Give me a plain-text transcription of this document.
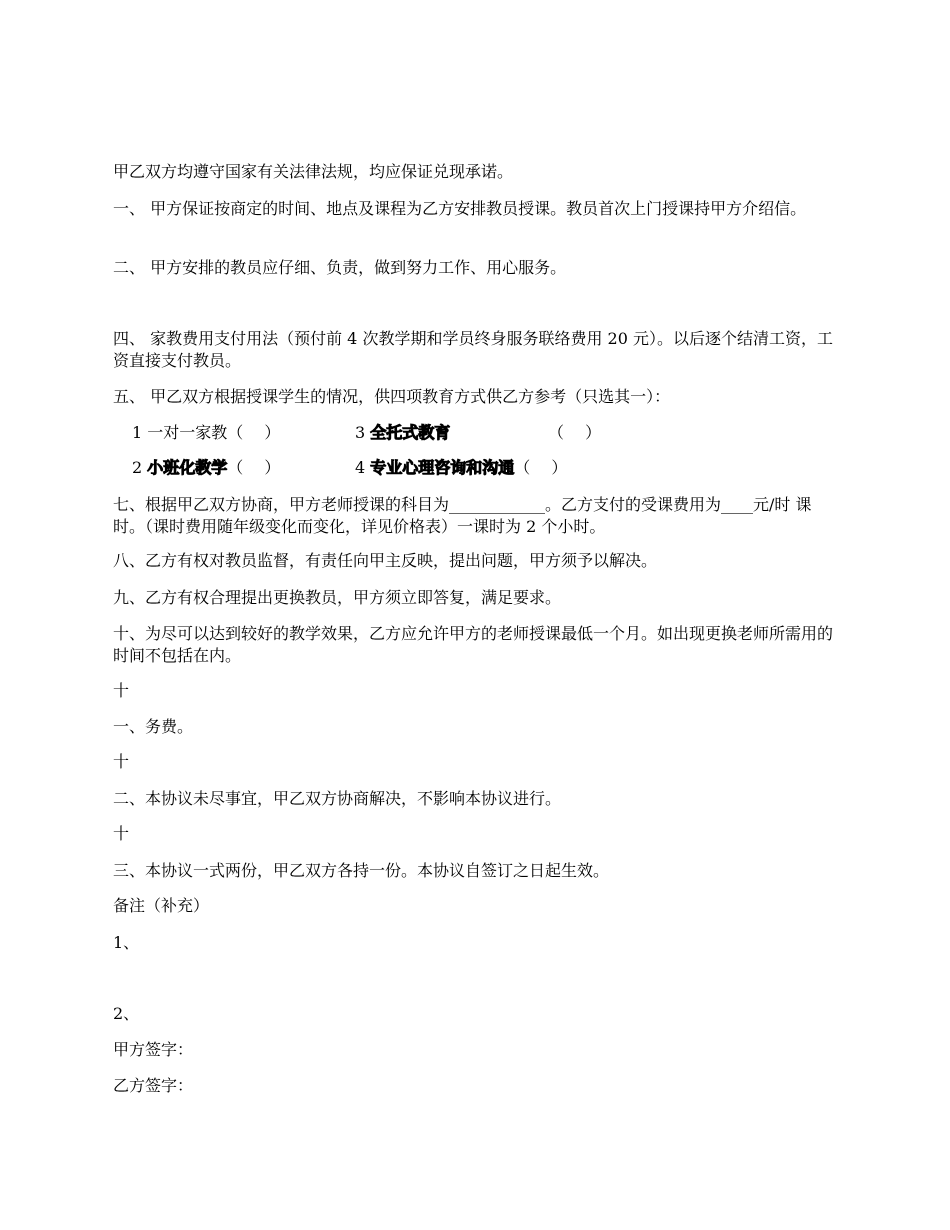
甲乙双方均遵守国家有关法律法规，均应保证兑现承诺。
一、 甲方保证按商定的时间、地点及课程为乙方安排教员授课。教员首次上门授课持甲方介绍信。
二、 甲方安排的教员应仔细、负责，做到努力工作、用心服务。
四、 家教费用支付用法（预付前 4 次教学期和学员终身服务联络费用 20 元）。以后逐个结清工资，工资直接支付教员。
五、 甲乙双方根据授课学生的情况，供四项教育方式供乙方参考（只选其一）：
1 一对一家教（　 ）	3 全托式教育	（　 ）
2 小班化教学（　 ）	4 专业心理咨询和沟通（　 ）
七、根据甲乙双方协商，甲方老师授课的科目为____________。乙方支付的受课费用为____元/时 课 时。（课时费用随年级变化而变化，详见价格表）一课时为 2 个小时。
八、乙方有权对教员监督，有责任向甲主反映，提出问题，甲方须予以解决。
九、乙方有权合理提出更换教员，甲方须立即答复，满足要求。
十、为尽可以达到较好的教学效果，乙方应允许甲方的老师授课最低一个月。如出现更换老师所需用的时间不包括在内。
十
一、务费。
十
二、本协议未尽事宜，甲乙双方协商解决，不影响本协议进行。
十
三、本协议一式两份，甲乙双方各持一份。本协议自签订之日起生效。
备注（补充）
1、
2、
甲方签字：
乙方签字：
